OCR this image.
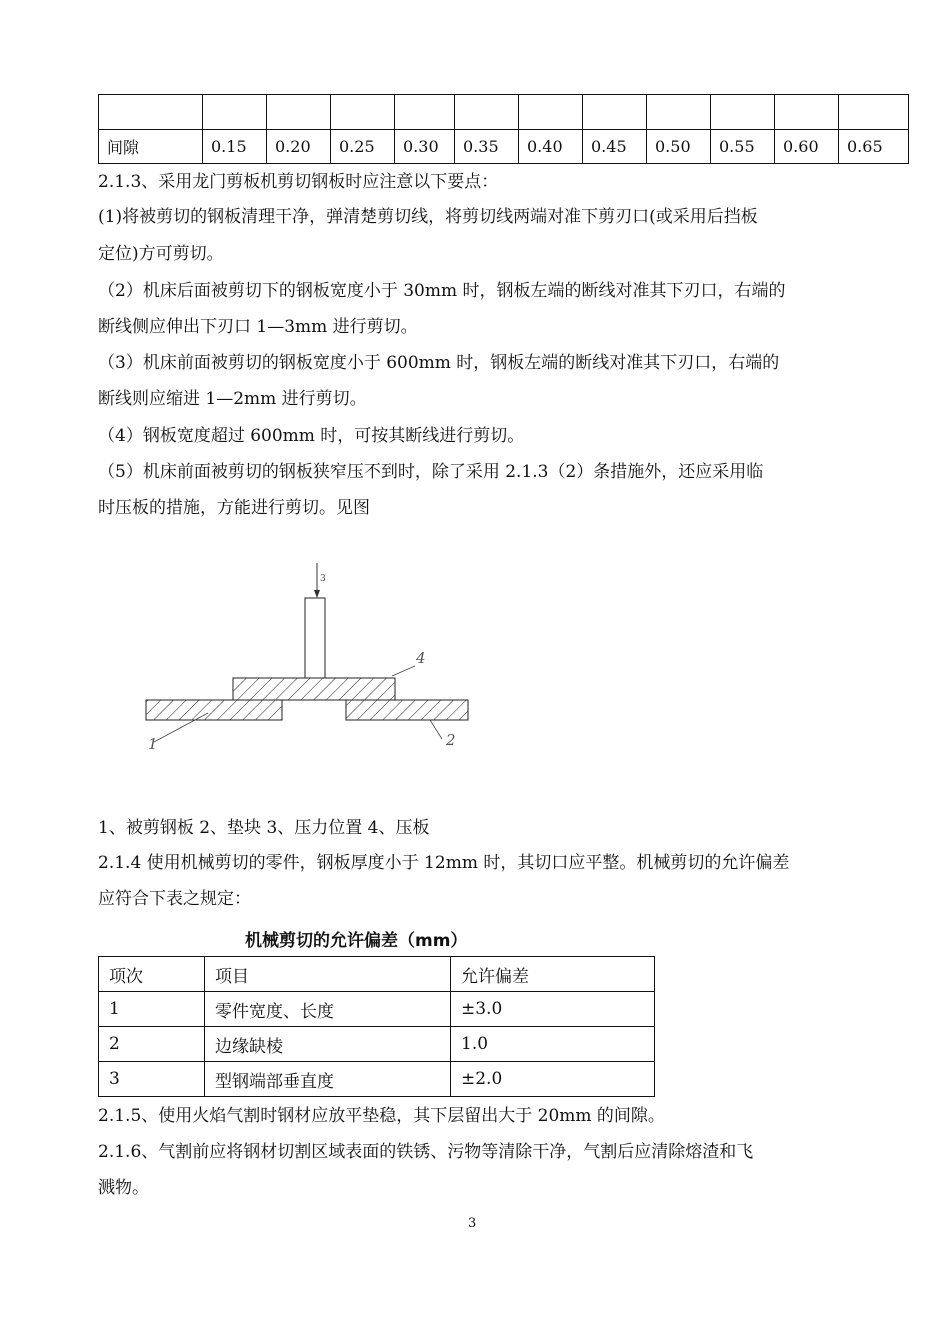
间隙	0.15	0.20	0.25	0.30	0.35	0.40	0.45	0.50	0.55	0.60	0.65
2.1.3、采用龙门剪板机剪切钢板时应注意以下要点：
(1)将被剪切的钢板清理干净，弹清楚剪切线，将剪切线两端对准下剪刃口(或采用后挡板
定位)方可剪切。
（2）机床后面被剪切下的钢板宽度小于 30mm 时，钢板左端的断线对准其下刃口，右端的
断线侧应伸出下刃口 1—3mm 进行剪切。
（3）机床前面被剪切的钢板宽度小于 600mm 时，钢板左端的断线对准其下刃口，右端的
断线则应缩进 1—2mm 进行剪切。
（4）钢板宽度超过 600mm 时，可按其断线进行剪切。
（5）机床前面被剪切的钢板狭窄压不到时，除了采用 2.1.3（2）条措施外，还应采用临
时压板的措施，方能进行剪切。见图
3
4
1	2
1、被剪钢板 2、垫块 3、压力位置 4、压板
2.1.4 使用机械剪切的零件，钢板厚度小于 12mm 时，其切口应平整。机械剪切的允许偏差
应符合下表之规定：
机械剪切的允许偏差（mm）
项次	项目	允许偏差
1	零件宽度、长度	±3.0
2	边缘缺棱	1.0
3	型钢端部垂直度	±2.0
2.1.5、使用火焰气割时钢材应放平垫稳，其下层留出大于 20mm 的间隙。
2.1.6、气割前应将钢材切割区域表面的铁锈、污物等清除干净，气割后应清除熔渣和飞
溅物。
3
